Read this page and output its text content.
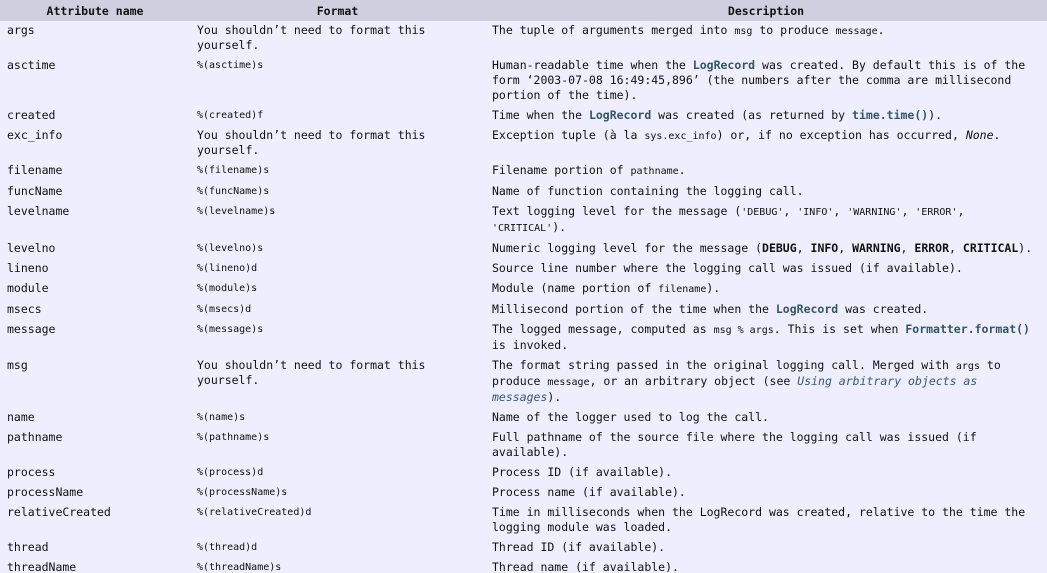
Attribute name	Format	Description
args	You shouldn’t need to format this yourself.	The tuple of arguments merged into msg to produce message.
asctime	%(asctime)s	Human-readable time when the LogRecord was created. By default this is of the form ‘2003-07-08 16:49:45,896’ (the numbers after the comma are millisecond portion of the time).
created	%(created)f	Time when the LogRecord was created (as returned by time.time()).
exc_info	You shouldn’t need to format this yourself.	Exception tuple (à la sys.exc_info) or, if no exception has occurred, None.
filename	%(filename)s	Filename portion of pathname.
funcName	%(funcName)s	Name of function containing the logging call.
levelname	%(levelname)s	Text logging level for the message ('DEBUG', 'INFO', 'WARNING', 'ERROR', 'CRITICAL').
levelno	%(levelno)s	Numeric logging level for the message (DEBUG, INFO, WARNING, ERROR, CRITICAL).
lineno	%(lineno)d	Source line number where the logging call was issued (if available).
module	%(module)s	Module (name portion of filename).
msecs	%(msecs)d	Millisecond portion of the time when the LogRecord was created.
message	%(message)s	The logged message, computed as msg % args. This is set when Formatter.format() is invoked.
msg	You shouldn’t need to format this yourself.	The format string passed in the original logging call. Merged with args to produce message, or an arbitrary object (see Using arbitrary objects as messages).
name	%(name)s	Name of the logger used to log the call.
pathname	%(pathname)s	Full pathname of the source file where the logging call was issued (if available).
process	%(process)d	Process ID (if available).
processName	%(processName)s	Process name (if available).
relativeCreated	%(relativeCreated)d	Time in milliseconds when the LogRecord was created, relative to the time the logging module was loaded.
thread	%(thread)d	Thread ID (if available).
threadName	%(threadName)s	Thread name (if available).
